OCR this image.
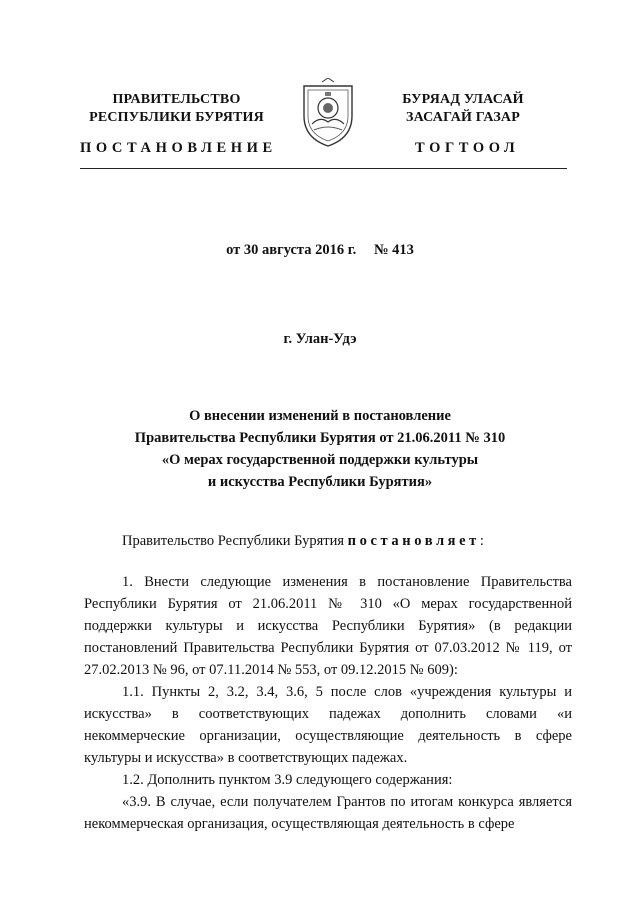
ПРАВИТЕЛЬСТВО
РЕСПУБЛИКИ БУРЯТИЯ
БУРЯАД УЛАСАЙ
ЗАСАГАЙ ГАЗАР
ПОСТАНОВЛЕНИЕ	ТОГТООЛ
от 30 августа 2016 г. № 413
г. Улан-Удэ
О внесении изменений в постановление
Правительства Республики Бурятия от 21.06.2011 № 310
«О мерах государственной поддержки культуры
и искусства Республики Бурятия»

Правительство Республики Бурятия постановляет:

1. Внести следующие изменения в постановление Правительства Республики Бурятия от 21.06.2011 № 310 «О мерах государственной поддержки культуры и искусства Республики Бурятия» (в редакции постановлений Правительства Республики Бурятия от 07.03.2012 № 119, от 27.02.2013 № 96, от 07.11.2014 № 553, от 09.12.2015 № 609):

1.1. Пункты 2, 3.2, 3.4, 3.6, 5 после слов «учреждения культуры и искусства» в соответствующих падежах дополнить словами «и некоммерческие организации, осуществляющие деятельность в сфере культуры и искусства» в соответствующих падежах.

1.2. Дополнить пунктом 3.9 следующего содержания:

«3.9. В случае, если получателем Грантов по итогам конкурса является некоммерческая организация, осуществляющая деятельность в сфере
